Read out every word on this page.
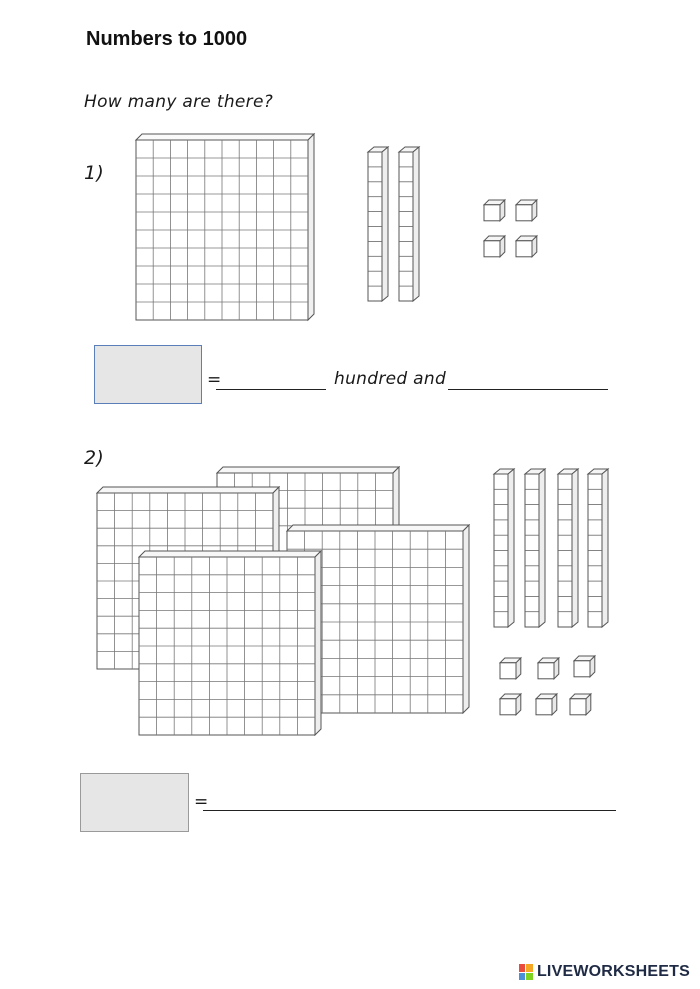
Numbers to 1000
How many are there?
1)
=	hundred and
2)
=
LIVEWORKSHEETS
